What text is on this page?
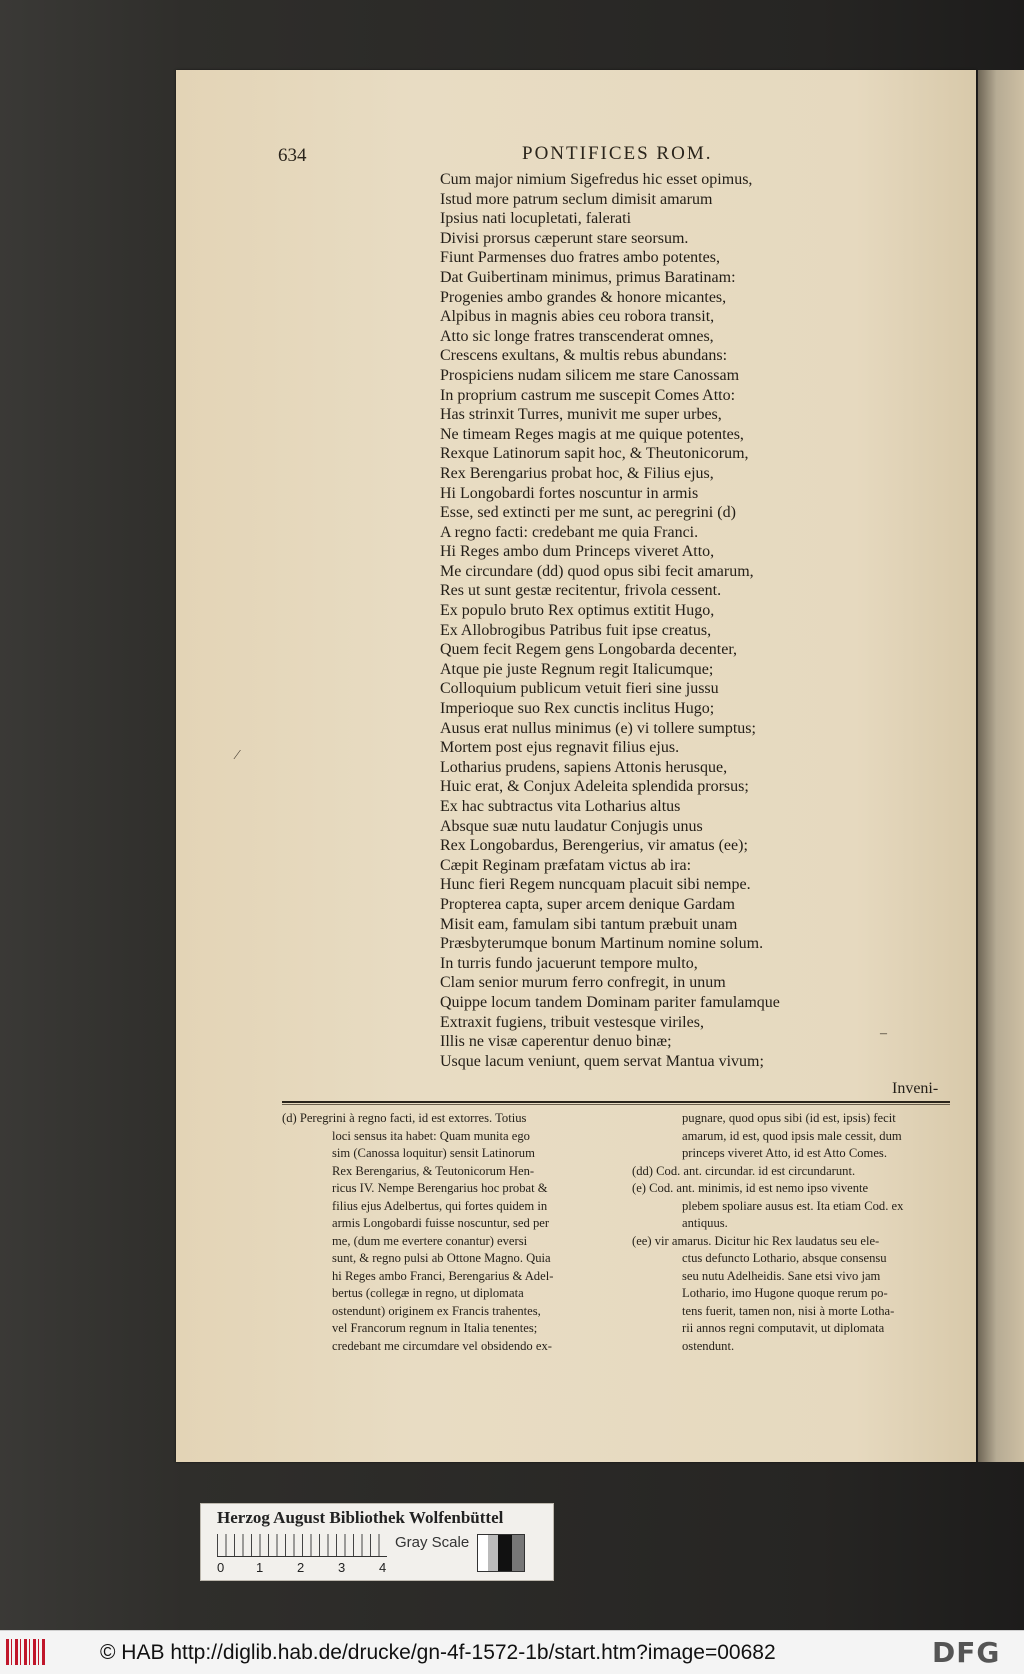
634	PONTIFICES ROM.
Cum major nimium Sigefredus hic esset opimus,
Istud more patrum seclum dimisit amarum
Ipsius nati locupletati, falerati
Divisi prorsus cæperunt stare seorsum.
Fiunt Parmenses duo fratres ambo potentes,
Dat Guibertinam minimus, primus Baratinam:
Progenies ambo grandes & honore micantes,
Alpibus in magnis abies ceu robora transit,
Atto sic longe fratres transcenderat omnes,
Crescens exultans, & multis rebus abundans:
Prospiciens nudam silicem me stare Canossam
In proprium castrum me suscepit Comes Atto:
Has strinxit Turres, munivit me super urbes,
Ne timeam Reges magis at me quique potentes,
Rexque Latinorum sapit hoc, & Theutonicorum,
Rex Berengarius probat hoc, & Filius ejus,
Hi Longobardi fortes noscuntur in armis
Esse, sed extincti per me sunt, ac peregrini (d)
A regno facti: credebant me quia Franci.
Hi Reges ambo dum Princeps viveret Atto,
Me circundare (dd) quod opus sibi fecit amarum,
Res ut sunt gestæ recitentur, frivola cessent.
Ex populo bruto Rex optimus extitit Hugo,
Ex Allobrogibus Patribus fuit ipse creatus,
Quem fecit Regem gens Longobarda decenter,
Atque pie juste Regnum regit Italicumque;
Colloquium publicum vetuit fieri sine jussu
Imperioque suo Rex cunctis inclitus Hugo;
Ausus erat nullus minimus (e) vi tollere sumptus;
Mortem post ejus regnavit filius ejus.
Lotharius prudens, sapiens Attonis herusque,
Huic erat, & Conjux Adeleita splendida prorsus;
Ex hac subtractus vita Lotharius altus
Absque suæ nutu laudatur Conjugis unus
Rex Longobardus, Berengerius, vir amatus (ee);
Cæpit Reginam præfatam victus ab ira:
Hunc fieri Regem nuncquam placuit sibi nempe.
Propterea capta, super arcem denique Gardam
Misit eam, famulam sibi tantum præbuit unam
Præsbyterumque bonum Martinum nomine solum.
In turris fundo jacuerunt tempore multo,
Clam senior murum ferro confregit, in unum
Quippe locum tandem Dominam pariter famulamque
Extraxit fugiens, tribuit vestesque viriles,
Illis ne visæ caperentur denuo binæ;
Usque lacum veniunt, quem servat Mantua vivum;
Inveni-
(d) Peregrini à regno facti, id est extorres. Totius
loci sensus ita habet: Quam munita ego
sim (Canossa loquitur) sensit Latinorum
Rex Berengarius, & Teutonicorum Hen-
ricus IV. Nempe Berengarius hoc probat &
filius ejus Adelbertus, qui fortes quidem in
armis Longobardi fuisse noscuntur, sed per
me, (dum me evertere conantur) eversi
sunt, & regno pulsi ab Ottone Magno. Quia
hi Reges ambo Franci, Berengarius & Adel-
bertus (collegæ in regno, ut diplomata
ostendunt) originem ex Francis trahentes,
vel Francorum regnum in Italia tenentes;
credebant me circumdare vel obsidendo ex-
pugnare, quod opus sibi (id est, ipsis) fecit
amarum, id est, quod ipsis male cessit, dum
princeps viveret Atto, id est Atto Comes.
(dd) Cod. ant. circundar. id est circundarunt.
(e) Cod. ant. minimis, id est nemo ipso vivente
plebem spoliare ausus est. Ita etiam Cod. ex
antiquus.
(ee) vir amarus. Dicitur hic Rex laudatus seu ele-
ctus defuncto Lothario, absque consensu
seu nutu Adelheidis. Sane etsi vivo jam
Lothario, imo Hugone quoque rerum po-
tens fuerit, tamen non, nisi à morte Lotha-
rii annos regni computavit, ut diplomata
ostendunt.
⁄
–
Herzog August Bibliothek Wolfenbüttel
0 1	2	3	4
Gray Scale
© HAB http://diglib.hab.de/drucke/gn-4f-1572-1b/start.htm?image=00682	DFG
